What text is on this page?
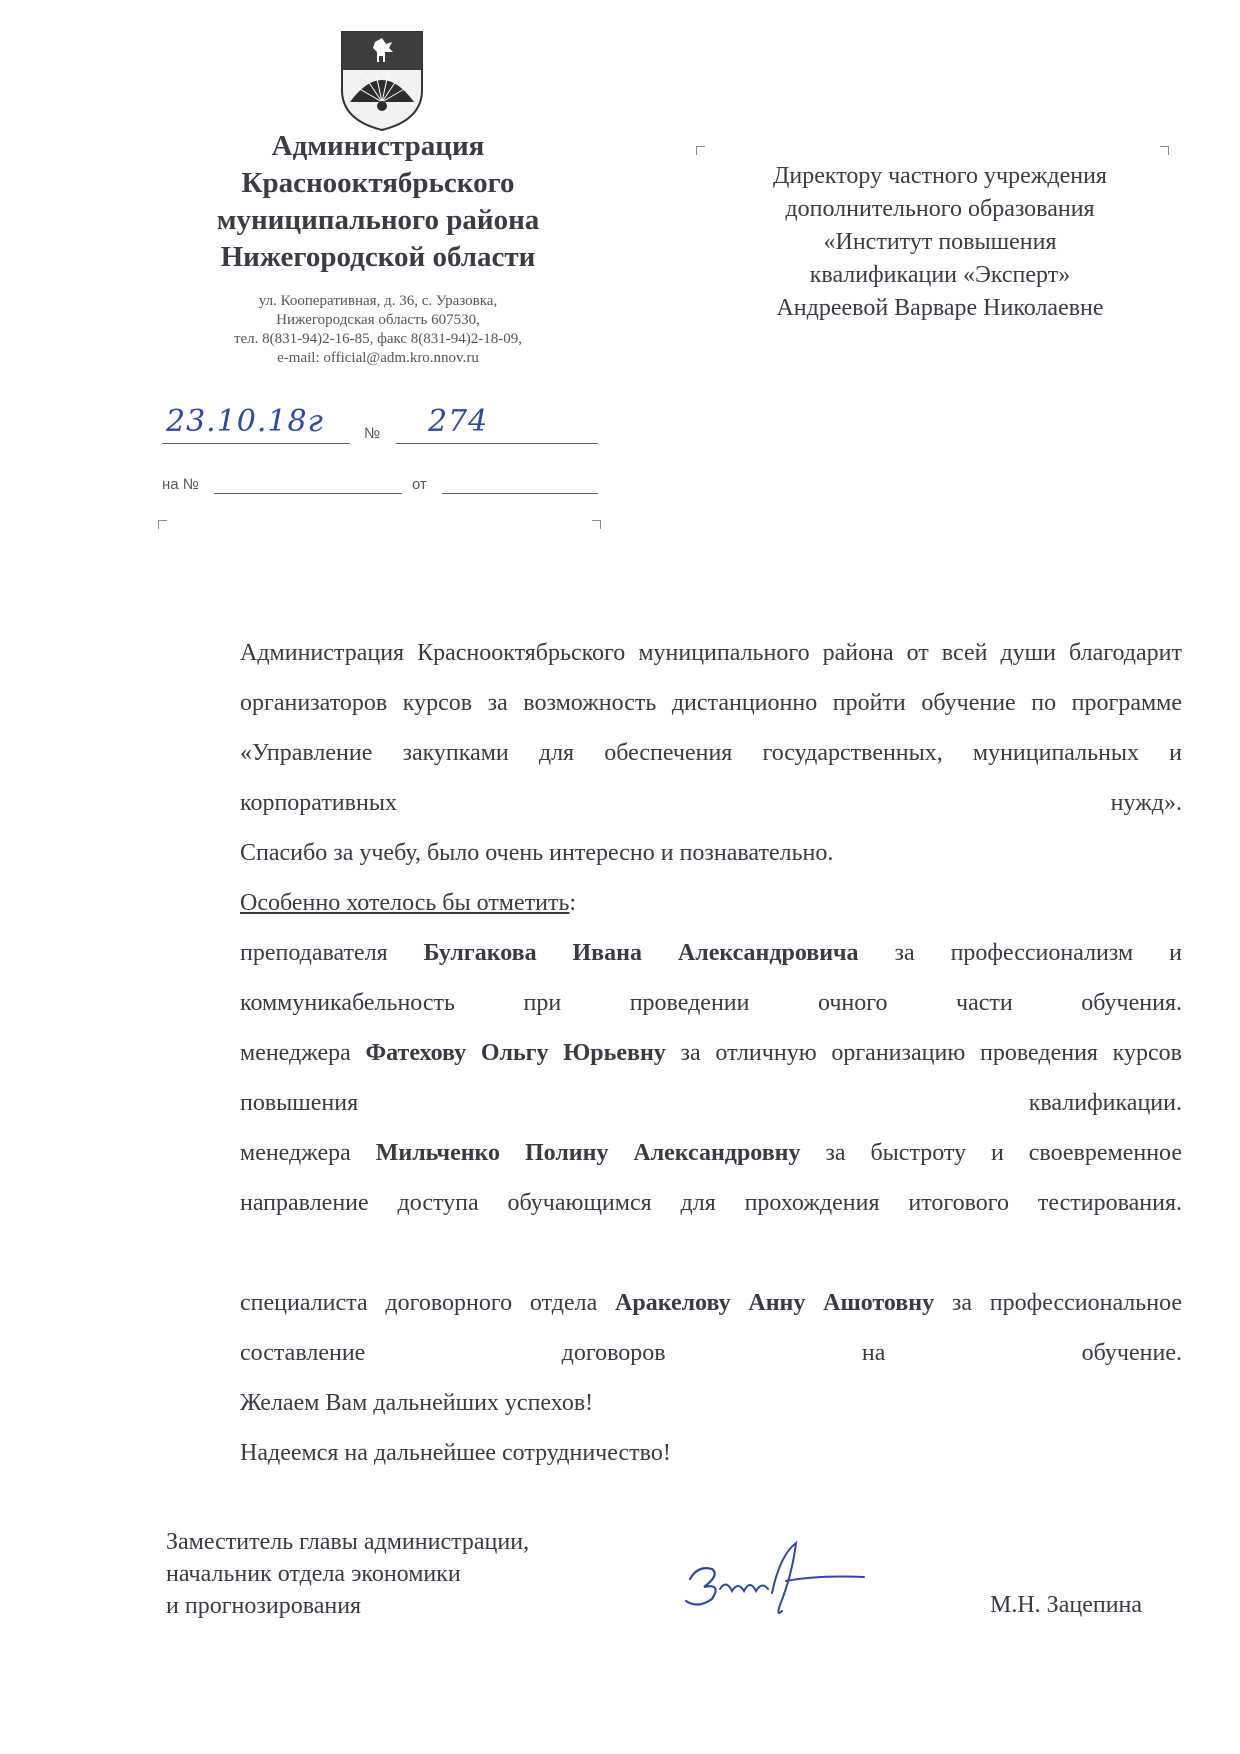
Администрация
Краснооктябрьского
муниципального района
Нижегородской области
ул. Кооперативная, д. 36, с. Уразовка,
Нижегородская область 607530,
тел. 8(831-94)2-16-85, факс 8(831-94)2-18-09,
e-mail: official@adm.kro.nnov.ru
23.10.18г	№ 274
на №	от
Директору частного учреждения
дополнительного образования
«Институт повышения
квалификации «Эксперт»
Андреевой Варваре Николаевне
Администрация Краснооктябрьского муниципального района от всей души благодарит организаторов курсов за возможность дистанционно пройти обучение по программе «Управление закупками для обеспечения государственных, муниципальных и корпоративных нужд».
Спасибо за учебу, было очень интересно и познавательно.
Особенно хотелось бы отметить:
преподавателя Булгакова Ивана Александровича за профессионализм и коммуникабельность при проведении очного части обучения.
менеджера Фатехову Ольгу Юрьевну за отличную организацию проведения курсов повышения квалификации.
менеджера Мильченко Полину Александровну за быстроту и своевременное направление доступа обучающимся для прохождения итогового тестирования.
специалиста договорного отдела Аракелову Анну Ашотовну за профессиональное составление договоров на обучение.
Желаем Вам дальнейших успехов!
Надеемся на дальнейшее сотрудничество!
Заместитель главы администрации,
начальник отдела экономики
и прогнозирования	М.Н. Зацепина
